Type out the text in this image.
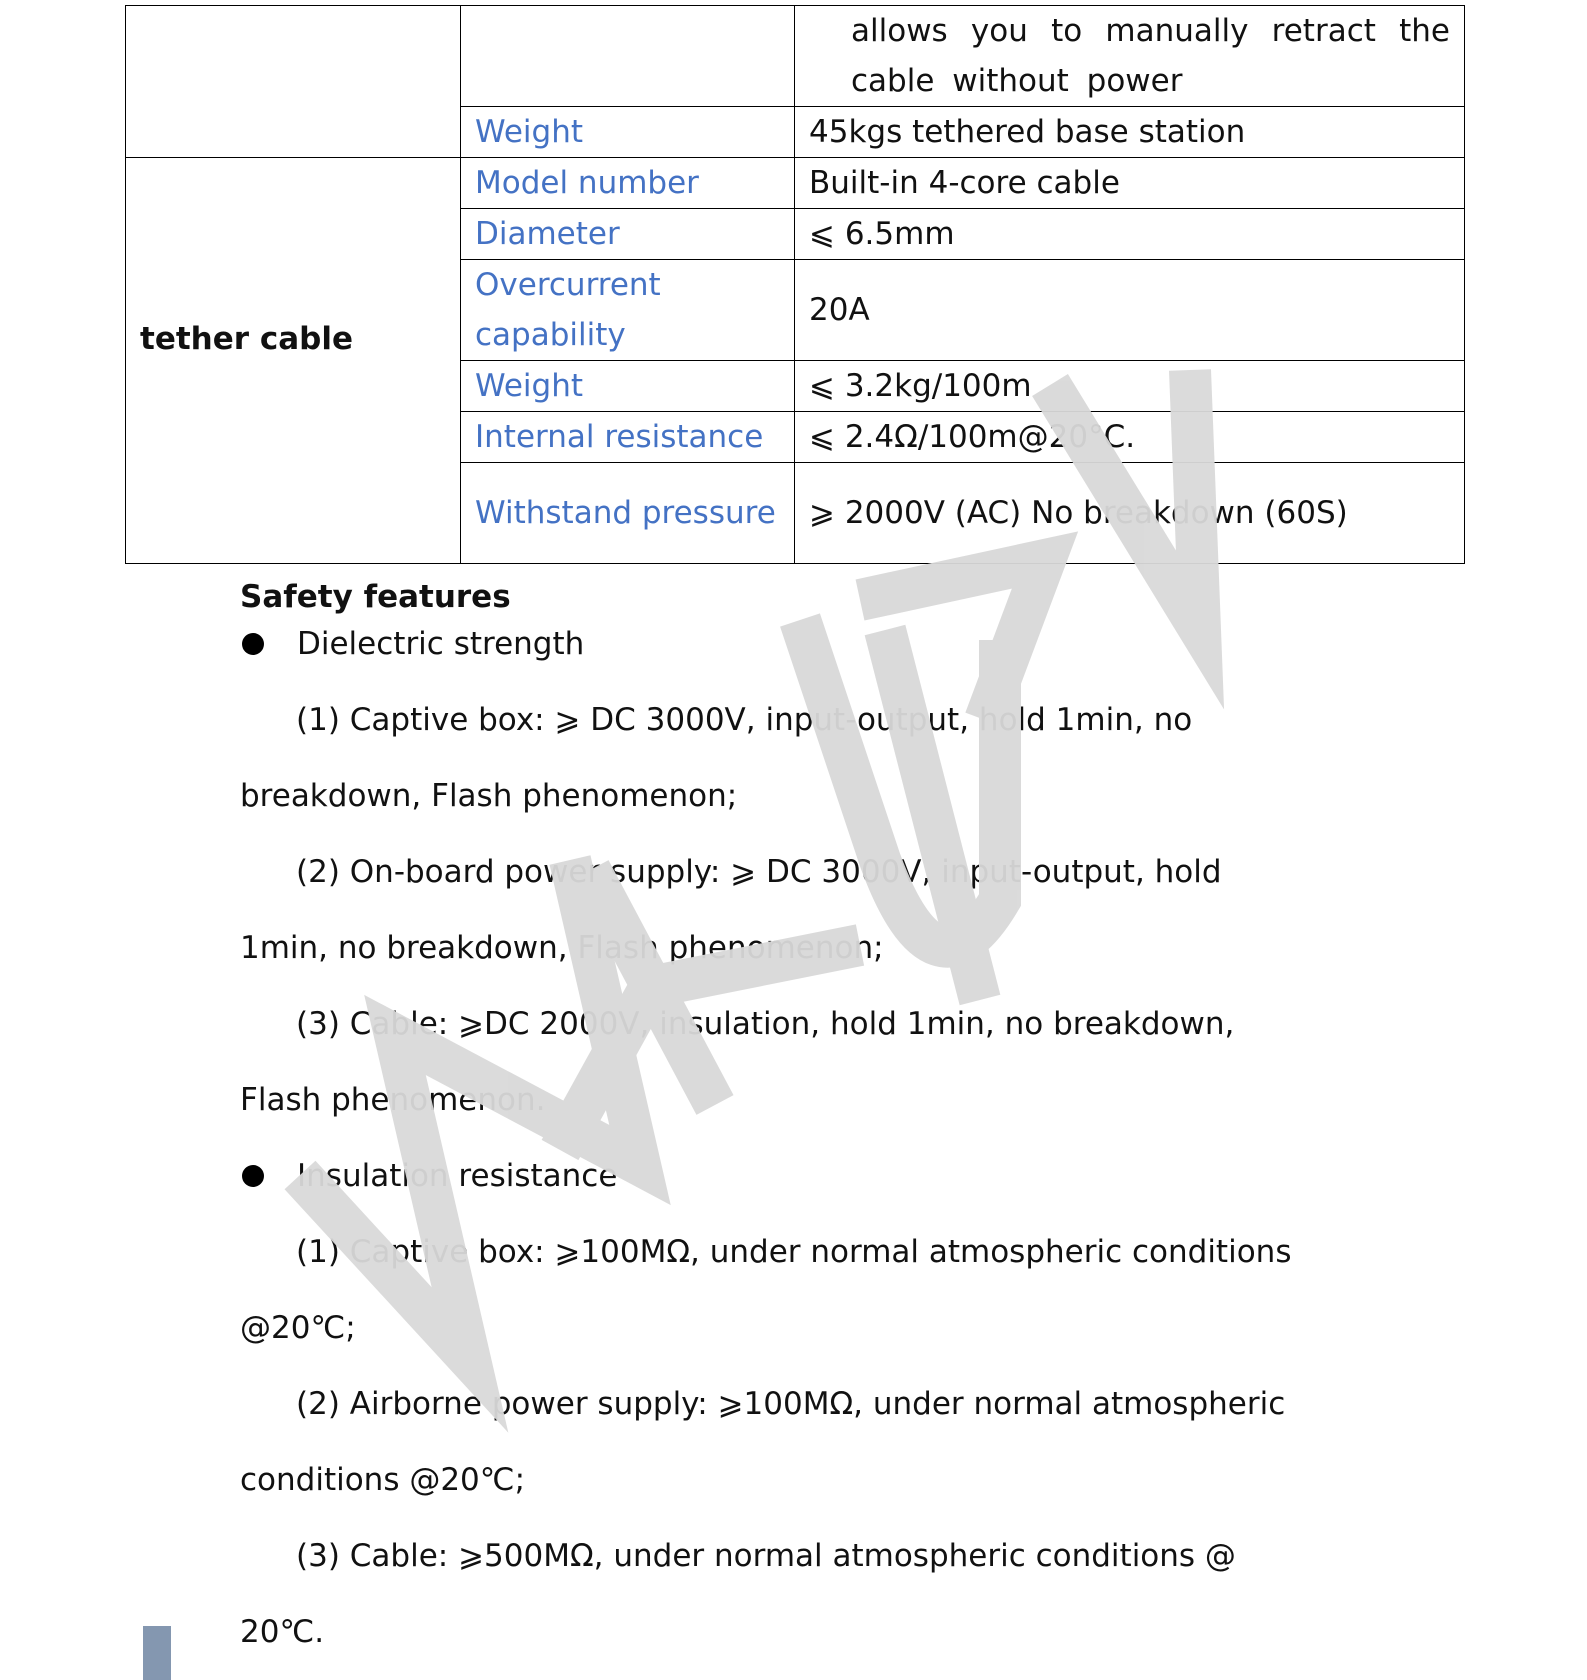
		allows you to manually retract the cable without power
	Weight	45kgs tethered base station

tether cable	Model number	Built-in 4-core cable
	Diameter	⩽ 6.5mm
	Overcurrent capability	20A
	Weight	⩽ 3.2kg/100m
	Internal resistance	⩽ 2.4Ω/100m@20°C.
	Withstand pressure	⩾ 2000V (AC) No breakdown (60S)
Safety features
Dielectric strength
(1) Captive box: ⩾ DC 3000V, input-output, hold 1min, no
breakdown, Flash phenomenon;
(2) On-board power supply: ⩾ DC 3000V, input-output, hold
1min, no breakdown, Flash phenomenon;
(3) Cable: ⩾DC 2000V, insulation, hold 1min, no breakdown,
Flash phenomenon.
Insulation resistance
(1) Captive box: ⩾100MΩ, under normal atmospheric conditions
@20℃;
(2) Airborne power supply: ⩾100MΩ, under normal atmospheric
conditions @20℃;
(3) Cable: ⩾500MΩ, under normal atmospheric conditions @
20℃.
